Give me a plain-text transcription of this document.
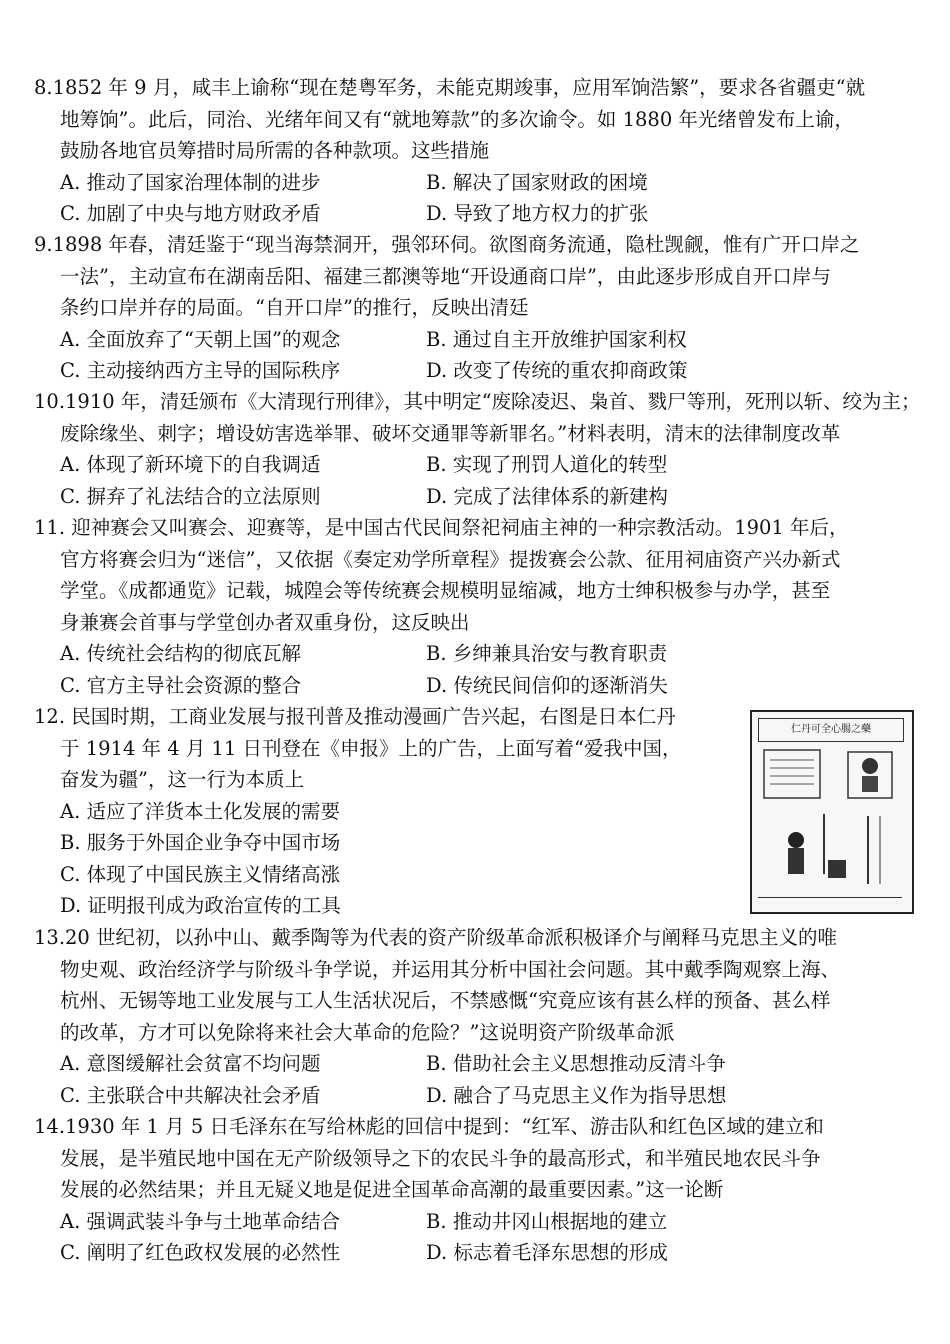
8.1852 年 9 月，咸丰上谕称“现在楚粤军务，未能克期竣事，应用军饷浩繁”，要求各省疆吏“就
地筹饷”。此后，同治、光绪年间又有“就地筹款”的多次谕令。如 1880 年光绪曾发布上谕，
鼓励各地官员筹措时局所需的各种款项。这些措施
A. 推动了国家治理体制的进步	B. 解决了国家财政的困境
C. 加剧了中央与地方财政矛盾	D. 导致了地方权力的扩张
9.1898 年春，清廷鉴于“现当海禁洞开，强邻环伺。欲图商务流通，隐杜觊觎，惟有广开口岸之
一法”，主动宣布在湖南岳阳、福建三都澳等地“开设通商口岸”，由此逐步形成自开口岸与
条约口岸并存的局面。“自开口岸”的推行，反映出清廷
A. 全面放弃了“天朝上国”的观念	B. 通过自主开放维护国家利权
C. 主动接纳西方主导的国际秩序	D. 改变了传统的重农抑商政策
10.1910 年，清廷颁布《大清现行刑律》，其中明定“废除凌迟、枭首、戮尸等刑，死刑以斩、绞为主；
废除缘坐、刺字；增设妨害选举罪、破坏交通罪等新罪名。”材料表明，清末的法律制度改革
A. 体现了新环境下的自我调适	B. 实现了刑罚人道化的转型
C. 摒弃了礼法结合的立法原则	D. 完成了法律体系的新建构
11. 迎神赛会又叫赛会、迎赛等，是中国古代民间祭祀祠庙主神的一种宗教活动。1901 年后，
官方将赛会归为“迷信”，又依据《奏定劝学所章程》提拨赛会公款、征用祠庙资产兴办新式
学堂。《成都通览》记载，城隍会等传统赛会规模明显缩减，地方士绅积极参与办学，甚至
身兼赛会首事与学堂创办者双重身份，这反映出
A. 传统社会结构的彻底瓦解	B. 乡绅兼具治安与教育职责
C. 官方主导社会资源的整合	D. 传统民间信仰的逐渐消失
12. 民国时期，工商业发展与报刊普及推动漫画广告兴起，右图是日本仁丹
于 1914 年 4 月 11 日刊登在《申报》上的广告，上面写着“爱我中国，
奋发为疆”，这一行为本质上
A. 适应了洋货本土化发展的需要
B. 服务于外国企业争夺中国市场
C. 体现了中国民族主义情绪高涨
D. 证明报刊成为政治宣传的工具
仁丹可全心腸之藥
13.20 世纪初，以孙中山、戴季陶等为代表的资产阶级革命派积极译介与阐释马克思主义的唯
物史观、政治经济学与阶级斗争学说，并运用其分析中国社会问题。其中戴季陶观察上海、
杭州、无锡等地工业发展与工人生活状况后，不禁感慨“究竟应该有甚么样的预备、甚么样
的改革，方才可以免除将来社会大革命的危险？”这说明资产阶级革命派
A. 意图缓解社会贫富不均问题	B. 借助社会主义思想推动反清斗争
C. 主张联合中共解决社会矛盾	D. 融合了马克思主义作为指导思想
14.1930 年 1 月 5 日毛泽东在写给林彪的回信中提到：“红军、游击队和红色区域的建立和
发展，是半殖民地中国在无产阶级领导之下的农民斗争的最高形式，和半殖民地农民斗争
发展的必然结果；并且无疑义地是促进全国革命高潮的最重要因素。”这一论断
A. 强调武装斗争与土地革命结合	B. 推动井冈山根据地的建立
C. 阐明了红色政权发展的必然性	D. 标志着毛泽东思想的形成
